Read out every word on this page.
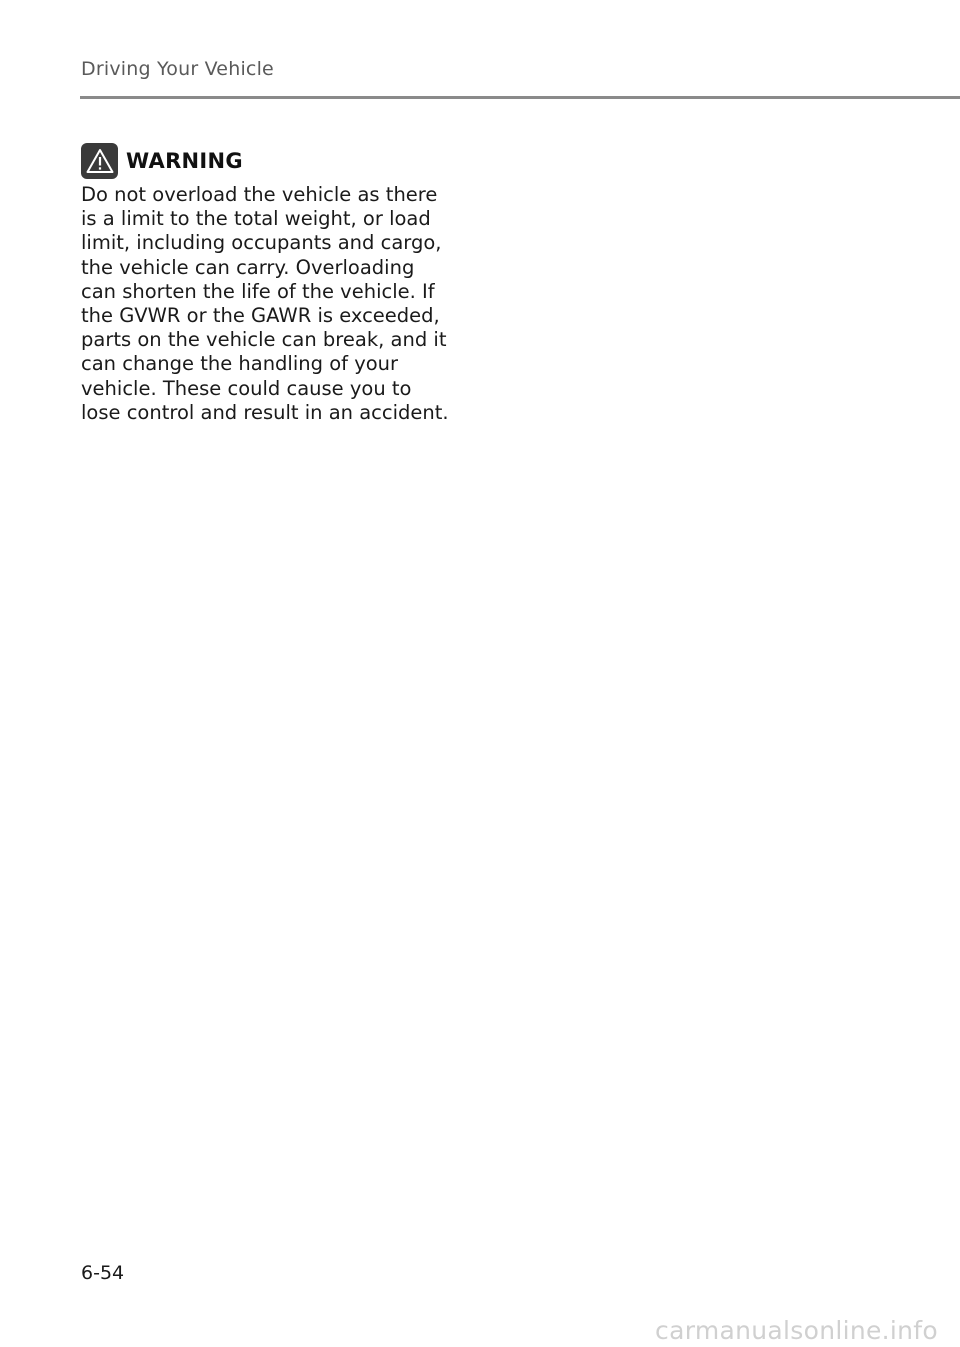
Driving Your Vehicle
WARNING

Do not overload the vehicle as there
is a limit to the total weight, or load
limit, including occupants and cargo,
the vehicle can carry. Overloading
can shorten the life of the vehicle. If
the GVWR or the GAWR is exceeded,
parts on the vehicle can break, and it
can change the handling of your
vehicle. These could cause you to
lose control and result in an accident.

6-54
carmanualsonline.info
